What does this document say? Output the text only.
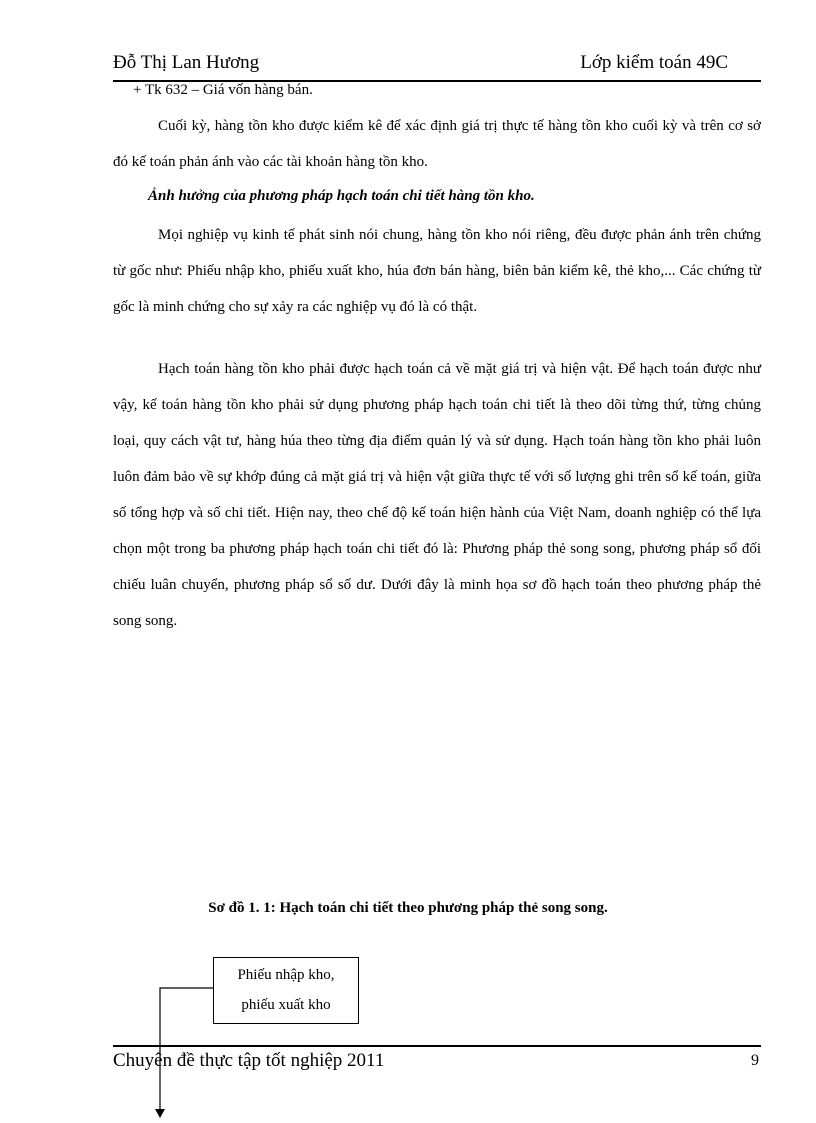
Đỗ Thị Lan Hương	Lớp kiểm toán 49C
+ Tk 632 – Giá vốn hàng bán.
Cuối kỳ, hàng tồn kho được kiểm kê để xác định giá trị thực tế hàng tồn kho cuối kỳ và trên cơ sở đó kế toán phản ánh vào các tài khoản hàng tồn kho.
Ảnh hưởng của phương pháp hạch toán chi tiết hàng tồn kho.
Mọi nghiệp vụ kinh tế phát sinh nói chung, hàng tồn kho nói riêng, đều được phản ánh trên chứng từ gốc như: Phiếu nhập kho, phiếu xuất kho, húa đơn bán hàng, biên bản kiểm kê, thẻ kho,... Các chứng từ gốc là minh chứng cho sự xảy ra các nghiệp vụ đó là có thật.
Hạch toán hàng tồn kho phải được hạch toán cả về mặt giá trị và hiện vật. Để hạch toán được như vậy, kế toán hàng tồn kho phải sử dụng phương pháp hạch toán chi tiết là theo dõi từng thứ, từng chủng loại, quy cách vật tư, hàng húa theo từng địa điểm quản lý và sử dụng. Hạch toán hàng tồn kho phải luôn luôn đảm bảo về sự khớp đúng cả mặt giá trị và hiện vật giữa thực tế với số lượng ghi trên sổ kế toán, giữa số tổng hợp và số chi tiết. Hiện nay, theo chế độ kế toán hiện hành của Việt Nam, doanh nghiệp có thể lựa chọn một trong ba phương pháp hạch toán chi tiết đó là: Phương pháp thẻ song song, phương pháp sổ đối chiếu luân chuyển, phương pháp sổ số dư. Dưới đây là minh họa sơ đồ hạch toán theo phương pháp thẻ song song.
Sơ đồ 1. 1: Hạch toán chi tiết theo phương pháp thẻ song song.
Phiếu nhập kho,
phiếu xuất kho
Chuyên đề thực tập tốt nghiệp 2011	9
